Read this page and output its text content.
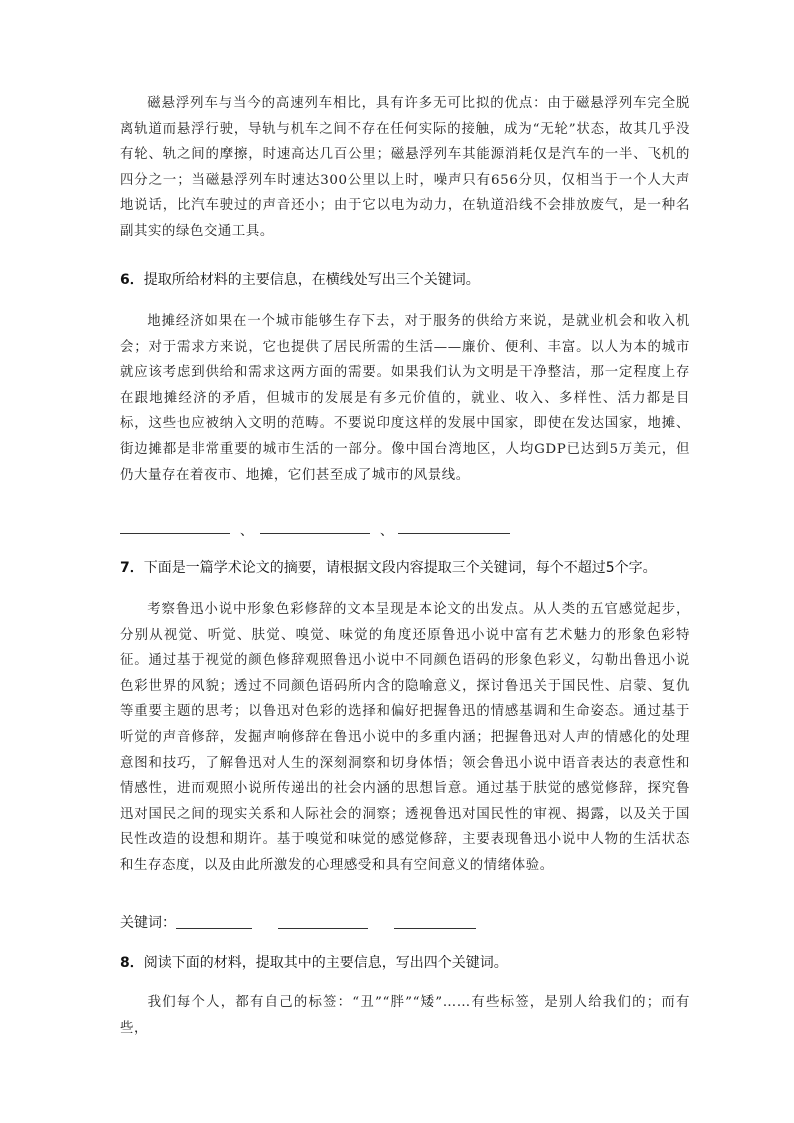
磁悬浮列车与当今的高速列车相比，具有许多无可比拟的优点：由于磁悬浮列车完全脱离轨道而悬浮行驶，导轨与机车之间不存在任何实际的接触，成为“无轮”状态，故其几乎没有轮、轨之间的摩擦，时速高达几百公里；磁悬浮列车其能源消耗仅是汽车的一半、飞机的四分之一；当磁悬浮列车时速达300公里以上时，噪声只有656分贝，仅相当于一个人大声地说话，比汽车驶过的声音还小；由于它以电为动力，在轨道沿线不会排放废气，是一种名副其实的绿色交通工具。
6．提取所给材料的主要信息，在横线处写出三个关键词。
地摊经济如果在一个城市能够生存下去，对于服务的供给方来说，是就业机会和收入机会；对于需求方来说，它也提供了居民所需的生活——廉价、便利、丰富。以人为本的城市就应该考虑到供给和需求这两方面的需要。如果我们认为文明是干净整洁，那一定程度上存在跟地摊经济的矛盾，但城市的发展是有多元价值的，就业、收入、多样性、活力都是目标，这些也应被纳入文明的范畴。不要说印度这样的发展中国家，即使在发达国家，地摊、街边摊都是非常重要的城市生活的一部分。像中国台湾地区，人均GDP已达到5万美元，但仍大量存在着夜市、地摊，它们甚至成了城市的风景线。
、	、
7．下面是一篇学术论文的摘要，请根据文段内容提取三个关键词，每个不超过5个字。
考察鲁迅小说中形象色彩修辞的文本呈现是本论文的出发点。从人类的五官感觉起步，分别从视觉、听觉、肤觉、嗅觉、味觉的角度还原鲁迅小说中富有艺术魅力的形象色彩特征。通过基于视觉的颜色修辞观照鲁迅小说中不同颜色语码的形象色彩义，勾勒出鲁迅小说色彩世界的风貌；透过不同颜色语码所内含的隐喻意义，探讨鲁迅关于国民性、启蒙、复仇等重要主题的思考；以鲁迅对色彩的选择和偏好把握鲁迅的情感基调和生命姿态。通过基于听觉的声音修辞，发掘声响修辞在鲁迅小说中的多重内涵；把握鲁迅对人声的情感化的处理意图和技巧，了解鲁迅对人生的深刻洞察和切身体悟；领会鲁迅小说中语音表达的表意性和情感性，进而观照小说所传递出的社会内涵的思想旨意。通过基于肤觉的感觉修辞，探究鲁迅对国民之间的现实关系和人际社会的洞察；透视鲁迅对国民性的审视、揭露，以及关于国民性改造的设想和期许。基于嗅觉和味觉的感觉修辞，主要表现鲁迅小说中人物的生活状态和生存态度，以及由此所激发的心理感受和具有空间意义的情绪体验。
关键词：
8．阅读下面的材料，提取其中的主要信息，写出四个关键词。
我们每个人，都有自己的标签：“丑”“胖”“矮”……有些标签，是别人给我们的；而有些，
